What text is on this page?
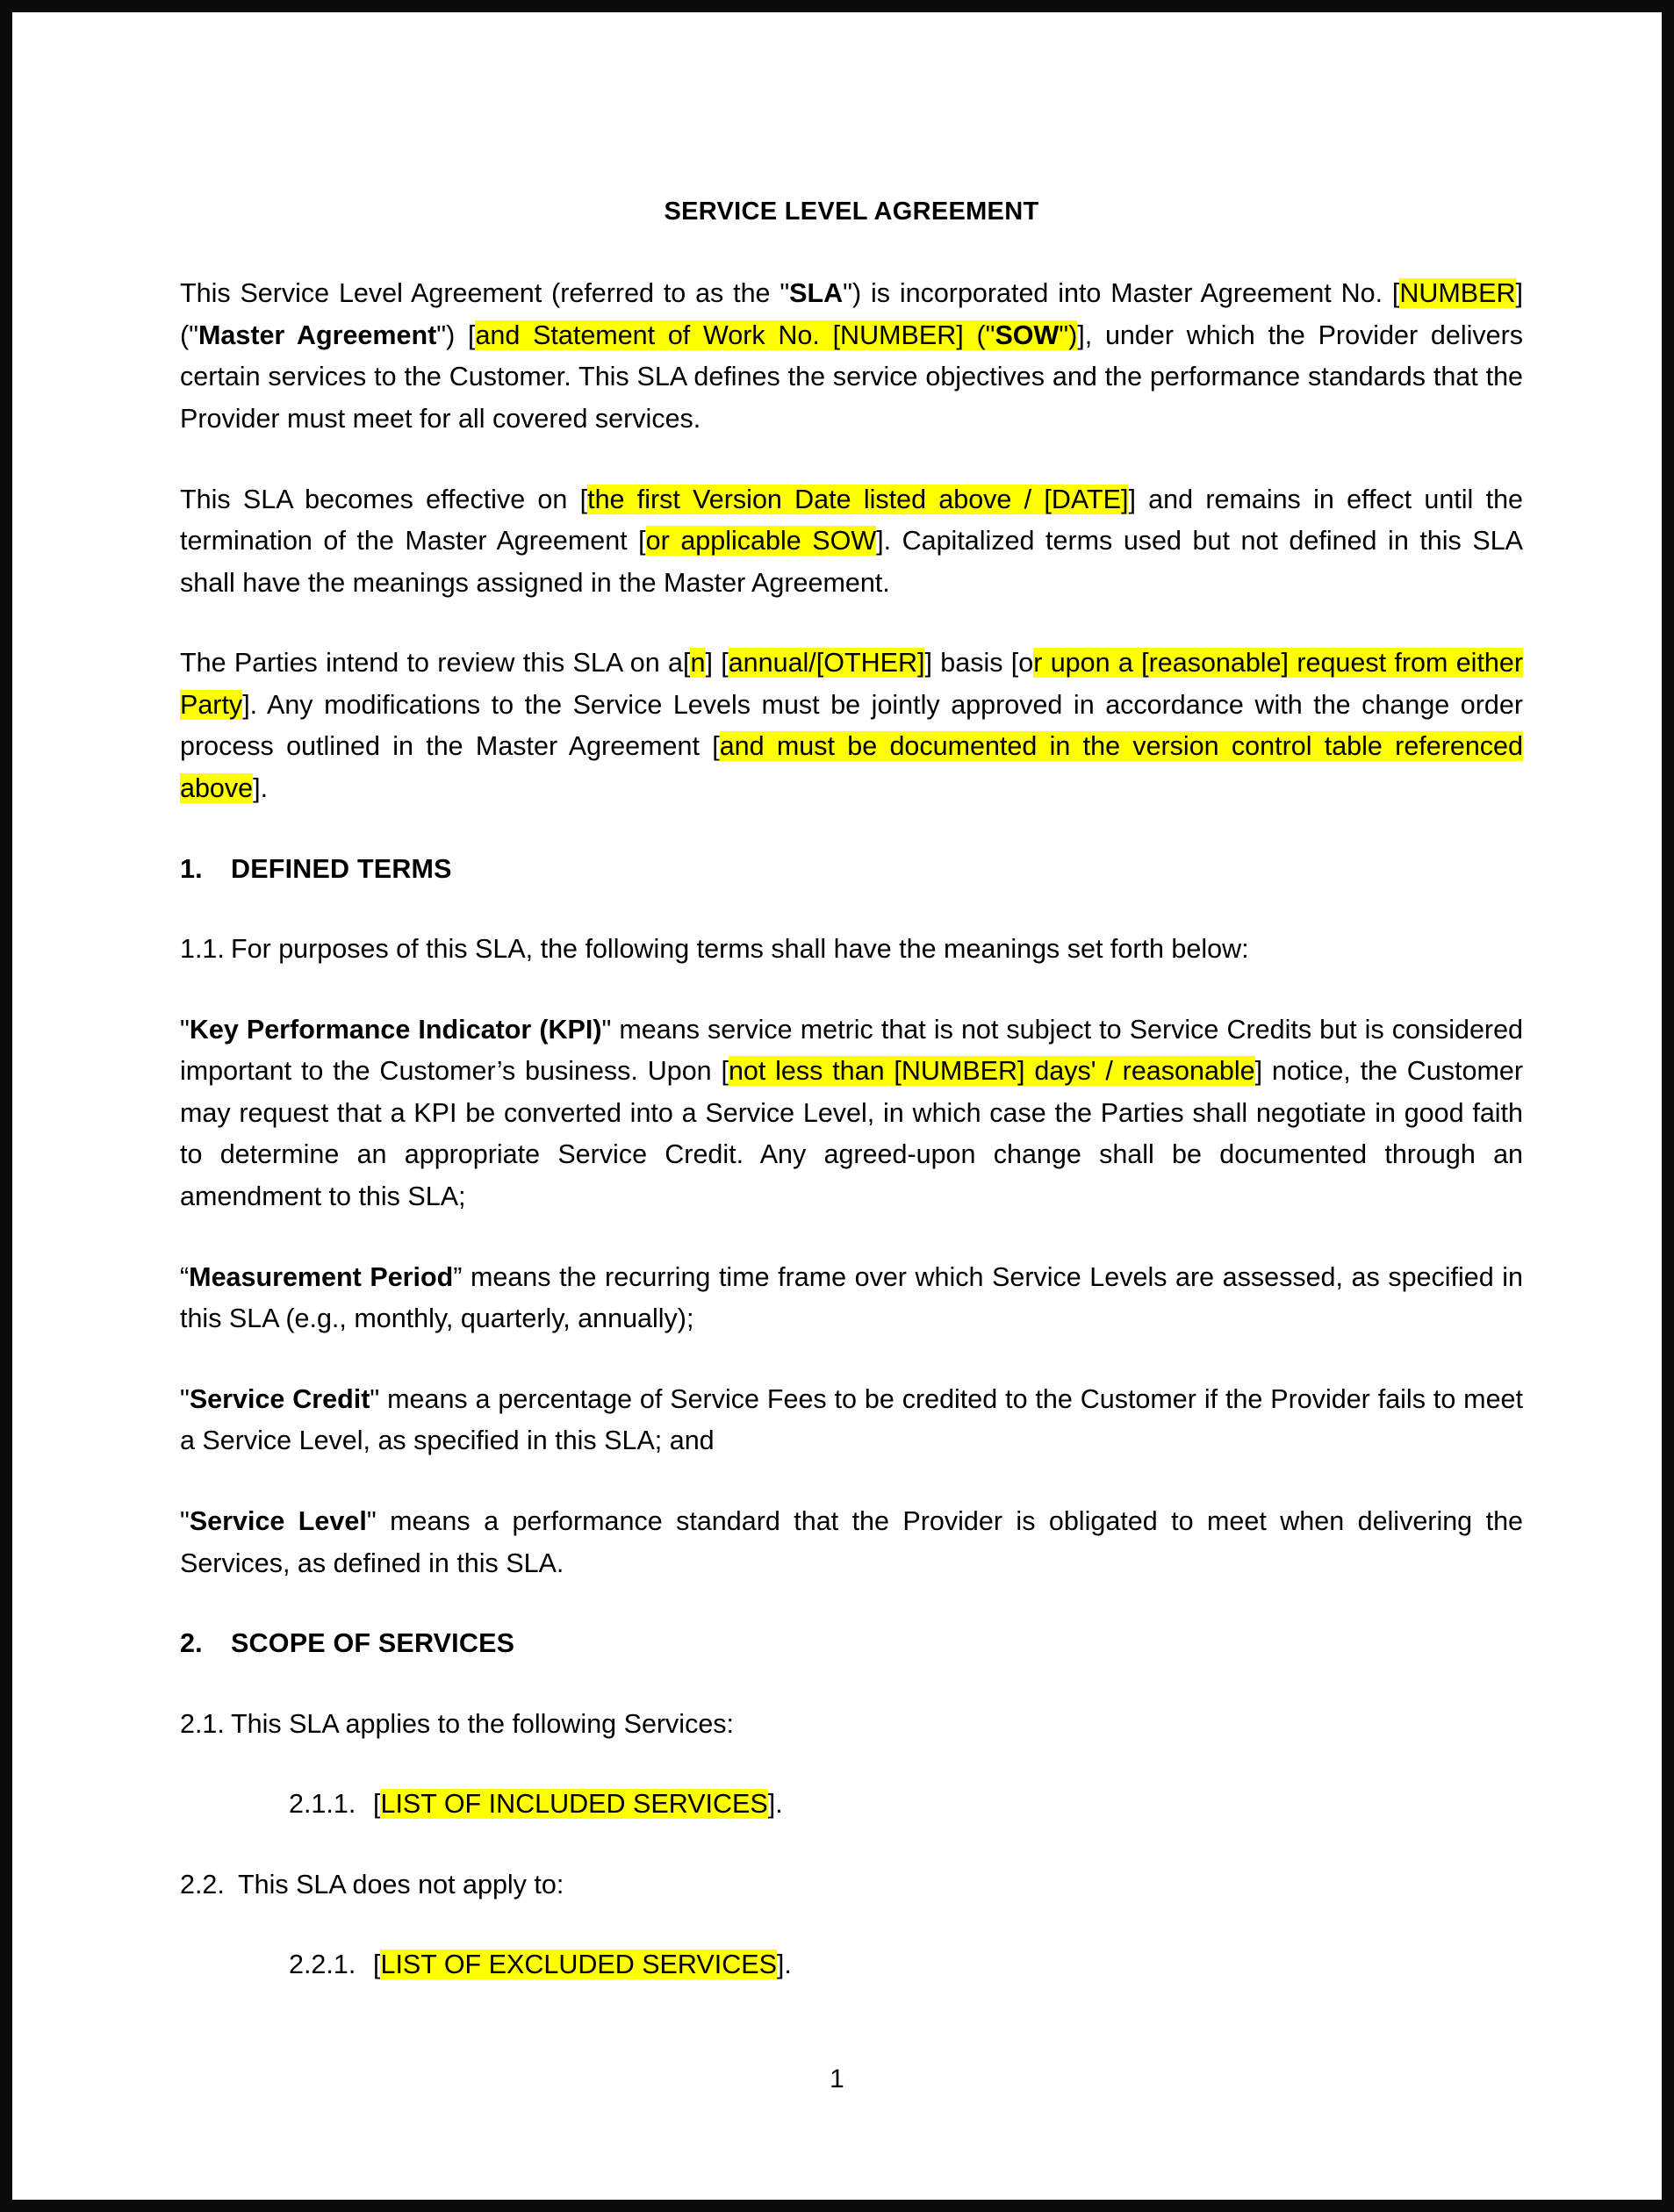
SERVICE LEVEL AGREEMENT

This Service Level Agreement (referred to as the "SLA") is incorporated into Master Agreement No. [NUMBER] ("Master Agreement") [and Statement of Work No. [NUMBER] ("SOW")], under which the Provider delivers certain services to the Customer. This SLA defines the service objectives and the performance standards that the Provider must meet for all covered services.

This SLA becomes effective on [the first Version Date listed above / [DATE]] and remains in effect until the termination of the Master Agreement [or applicable SOW]. Capitalized terms used but not defined in this SLA shall have the meanings assigned in the Master Agreement.

The Parties intend to review this SLA on a[n] [annual/[OTHER]] basis [or upon a [reasonable] request from either Party]. Any modifications to the Service Levels must be jointly approved in accordance with the change order process outlined in the Master Agreement [and must be documented in the version control table referenced above].

1.	DEFINED TERMS
1.1. For purposes of this SLA, the following terms shall have the meanings set forth below:

"Key Performance Indicator (KPI)" means service metric that is not subject to Service Credits but is considered important to the Customer’s business. Upon [not less than [NUMBER] days' / reasonable] notice, the Customer may request that a KPI be converted into a Service Level, in which case the Parties shall negotiate in good faith to determine an appropriate Service Credit. Any agreed-upon change shall be documented through an amendment to this SLA;

“Measurement Period” means the recurring time frame over which Service Levels are assessed, as specified in this SLA (e.g., monthly, quarterly, annually);

"Service Credit" means a percentage of Service Fees to be credited to the Customer if the Provider fails to meet a Service Level, as specified in this SLA; and

"Service Level" means a performance standard that the Provider is obligated to meet when delivering the Services, as defined in this SLA.

2.	SCOPE OF SERVICES
2.1. This SLA applies to the following Services:
2.1.1. [LIST OF INCLUDED SERVICES].
2.2. This SLA does not apply to:
2.2.1. [LIST OF EXCLUDED SERVICES].
1
